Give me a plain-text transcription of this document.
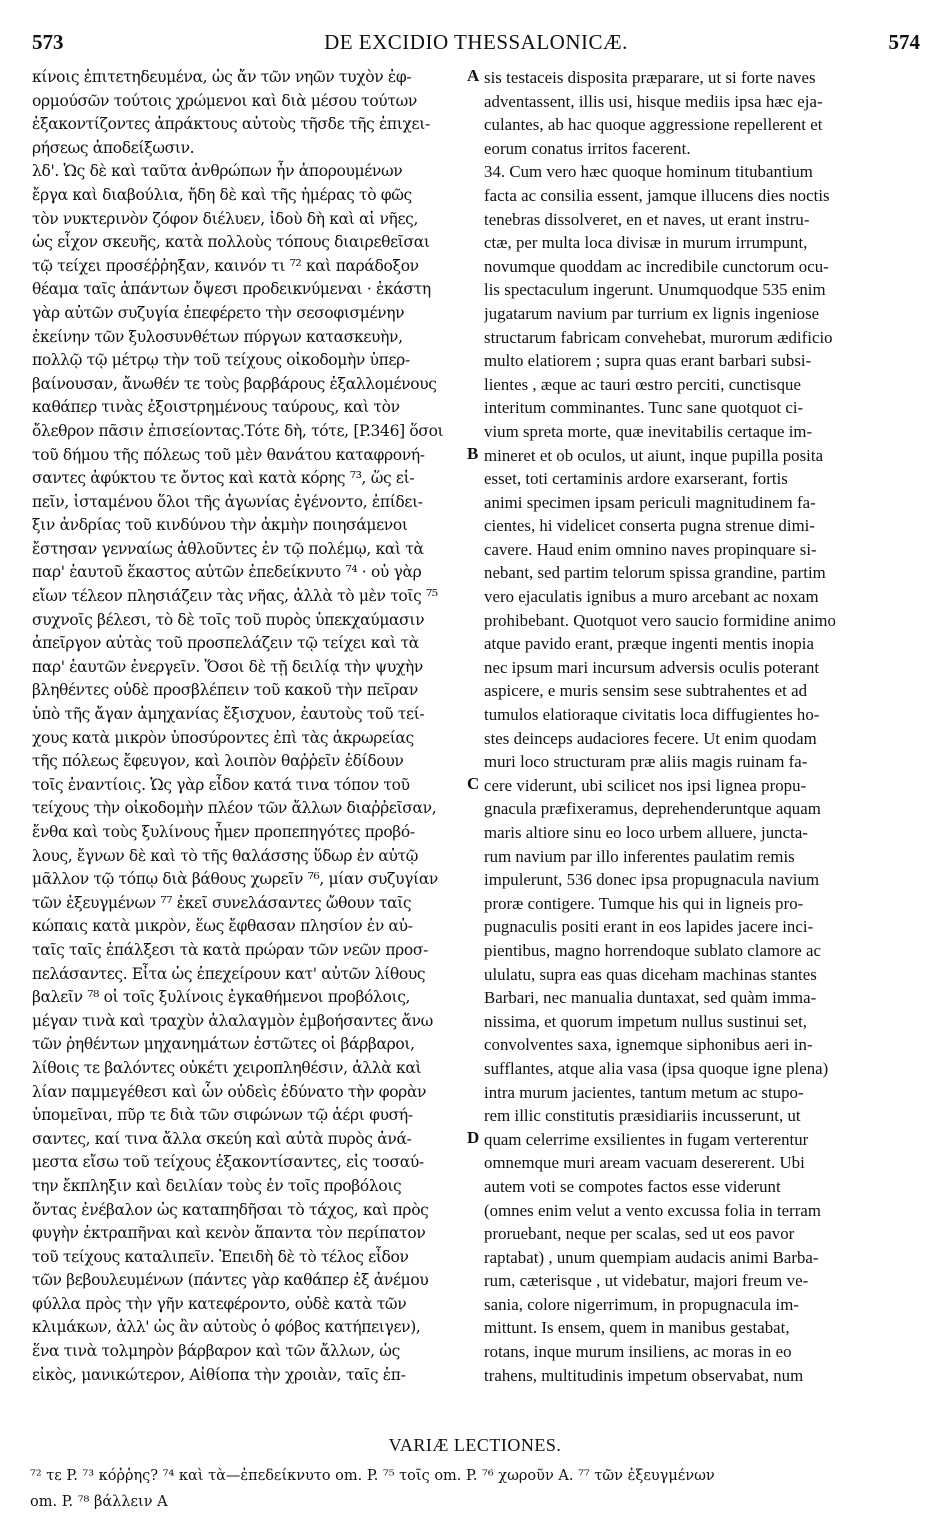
573	DE EXCIDIO THESSALONICÆ.	574
κίνοις ἐπιτετηδευμένα, ὡς ἄν τῶν νηῶν τυχὸν ἐφ-
ορμούσῶν τούτοις χρώμενοι καὶ διὰ μέσου τούτων
ἐξακοντίζοντες ἀπράκτους αὐτοὺς τῆσδε τῆς ἐπιχει-
ρήσεως ἀποδείξωσιν.
λδ'. Ὡς δὲ καὶ ταῦτα ἀνθρώπων ἦν ἀπορουμένων
ἔργα καὶ διαβούλια, ἤδη δὲ καὶ τῆς ἡμέρας τὸ φῶς
τὸν νυκτερινὸν ζόφον διέλυεν, ἰδοὺ δὴ καὶ αἱ νῆες,
ὡς εἶχον σκευῆς, κατὰ πολλοὺς τόπους διαιρεθεῖσαι
τῷ τείχει προσέῤῥηξαν, καινόν τι ⁷² καὶ παράδοξον
θέαμα ταῖς ἁπάντων ὄψεσι προδεικνύμεναι · ἑκάστη
γὰρ αὐτῶν συζυγία ἐπεφέρετο τὴν σεσοφισμένην
ἐκείνην τῶν ξυλοσυνθέτων πύργων κατασκευὴν,
πολλῷ τῷ μέτρῳ τὴν τοῦ τείχους οἰκοδομὴν ὑπερ-
βαίνουσαν, ἄνωθέν τε τοὺς βαρβάρους ἐξαλλομένους
καθάπερ τινὰς ἐξοιστρημένους ταύρους, καὶ τὸν
ὄλεθρον πᾶσιν ἐπισείοντας.Τότε δὴ, τότε, [P.346] ὅσοι
τοῦ δήμου τῆς πόλεως τοῦ μὲν θανάτου καταφρονή-
σαντες ἀφύκτου τε ὄντος καὶ κατὰ κόρης ⁷³, ὥς εἰ-
πεῖν, ἱσταμένου ὅλοι τῆς ἀγωνίας ἐγένοντο, ἐπίδει-
ξιν ἀνδρίας τοῦ κινδύνου τὴν ἀκμὴν ποιησάμενοι
ἔστησαν γενναίως ἀθλοῦντες ἐν τῷ πολέμῳ, καὶ τὰ
παρ' ἑαυτοῦ ἕκαστος αὐτῶν ἐπεδείκνυτο ⁷⁴ · οὐ γὰρ
εἴων τέλεον πλησιάζειν τὰς νῆας, ἀλλὰ τὸ μὲν τοῖς ⁷⁵
συχνοῖς βέλεσι, τὸ δὲ τοῖς τοῦ πυρὸς ὑπεκχαύμασιν
ἀπεῖργον αὐτὰς τοῦ προσπελάζειν τῷ τείχει καὶ τὰ
παρ' ἑαυτῶν ἐνεργεῖν. Ὅσοι δὲ τῇ δειλίᾳ τὴν ψυχὴν
βληθέντες οὐδὲ προσβλέπειν τοῦ κακοῦ τὴν πεῖραν
ὑπὸ τῆς ἄγαν ἀμηχανίας ἔξισχυον, ἑαυτοὺς τοῦ τεί-
χους κατὰ μικρὸν ὑποσύροντες ἐπὶ τὰς ἀκρωρείας
τῆς πόλεως ἔφευγον, καὶ λοιπὸν θαῤῥεῖν ἐδίδουν
τοῖς ἐναντίοις. Ὡς γὰρ εἶδον κατά τινα τόπον τοῦ
τείχους τὴν οἰκοδομὴν πλέον τῶν ἄλλων διαῤῥεῖσαν,
ἔνθα καὶ τοὺς ξυλίνους ἦμεν προπεπηγότες προβό-
λους, ἔγνων δὲ καὶ τὸ τῆς θαλάσσης ὕδωρ ἐν αὐτῷ
μᾶλλον τῷ τόπῳ διὰ βάθους χωρεῖν ⁷⁶, μίαν συζυγίαν
τῶν ἐξευγμένων ⁷⁷ ἐκεῖ συνελάσαντες ὤθουν ταῖς
κώπαις κατὰ μικρὸν, ἕως ἔφθασαν πλησίον ἐν αὐ-
ταῖς ταῖς ἐπάλξεσι τὰ κατὰ πρώραν τῶν νεῶν προσ-
πελάσαντες. Εἶτα ὡς ἐπεχείρουν κατ' αὐτῶν λίθους
βαλεῖν ⁷⁸ οἱ τοῖς ξυλίνοις ἐγκαθήμενοι προβόλοις,
μέγαν τινὰ καὶ τραχὺν ἀλαλαγμὸν ἐμβοήσαντες ἄνω
τῶν ῥηθέντων μηχανημάτων ἑστῶτες οἱ βάρβαροι,
λίθοις τε βαλόντες οὐκέτι χειροπληθέσιν, ἀλλὰ καὶ
λίαν παμμεγέθεσι καὶ ὧν οὐδεὶς ἐδύνατο τὴν φορὰν
ὑπομεῖναι, πῦρ τε διὰ τῶν σιφώνων τῷ ἀέρι φυσή-
σαντες, καί τινα ἄλλα σκεύη καὶ αὐτὰ πυρὸς ἀνά-
μεστα εἴσω τοῦ τείχους ἐξακοντίσαντες, εἰς τοσαύ-
την ἔκπληξιν καὶ δειλίαν τοὺς ἐν τοῖς προβόλοις
ὄντας ἐνέβαλον ὡς καταπηδῆσαι τὸ τάχος, καὶ πρὸς
φυγὴν ἐκτραπῆναι καὶ κενὸν ἅπαντα τὸν περίπατον
τοῦ τείχους καταλιπεῖν. Ἐπειδὴ δὲ τὸ τέλος εἶδον
τῶν βεβουλευμένων (πάντες γὰρ καθάπερ ἐξ ἀνέμου
φύλλα πρὸς τὴν γῆν κατεφέροντο, οὐδὲ κατὰ τῶν
κλιμάκων, ἀλλ' ὡς ἂν αὐτοὺς ὁ φόβος κατήπειγεν),
ἕνα τινὰ τολμηρὸν βάρβαρον καὶ τῶν ἄλλων, ὡς
εἰκὸς, μανικώτερον, Αἰθίοπα τὴν χροιὰν, ταῖς ἐπ-
sis testaceis disposita præparare, ut si forte naves
adventassent, illis usi, hisque mediis ipsa hæc eja-
culantes, ab hac quoque aggressione repellerent et
eorum conatus irritos facerent.
34. Cum vero hæc quoque hominum titubantium
facta ac consilia essent, jamque illucens dies noctis
tenebras dissolveret, en et naves, ut erant instru-
ctæ, per multa loca divisæ in murum irrumpunt,
novumque quoddam ac incredibile cunctorum ocu-
lis spectaculum ingerunt. Unumquodque 535 enim
jugatarum navium par turrium ex lignis ingeniose
structarum fabricam convehebat, murorum ædificio
multo elatiorem ; supra quas erant barbari subsi-
lientes , æque ac tauri œstro perciti, cunctisque
interitum comminantes. Tunc sane quotquot ci-
vium spreta morte, quæ inevitabilis certaque im-
mineret et ob oculos, ut aiunt, inque pupilla posita
esset, toti certaminis ardore exarserant, fortis
animi specimen ipsam periculi magnitudinem fa-
cientes, hi videlicet conserta pugna strenue dimi-
cavere. Haud enim omnino naves propinquare si-
nebant, sed partim telorum spissa grandine, partim
vero ejaculatis ignibus a muro arcebant ac noxam
prohibebant. Quotquot vero saucio formidine animo
atque pavido erant, præque ingenti mentis inopia
nec ipsum mari incursum adversis oculis poterant
aspicere, e muris sensim sese subtrahentes et ad
tumulos elatioraque civitatis loca diffugientes ho-
stes deinceps audaciores fecere. Ut enim quodam
muri loco structuram præ aliis magis ruinam fa-
cere viderunt, ubi scilicet nos ipsi lignea propu-
gnacula præfixeramus, deprehenderuntque aquam
maris altiore sinu eo loco urbem alluere, juncta-
rum navium par illo inferentes paulatim remis
impulerunt, 536 donec ipsa propugnacula navium
proræ contigere. Tumque his qui in ligneis pro-
pugnaculis positi erant in eos lapides jacere inci-
pientibus, magno horrendoque sublato clamore ac
ululatu, supra eas quas diceham machinas stantes
Barbari, nec manualia duntaxat, sed quàm imma-
nissima, et quorum impetum nullus sustinui set,
convolventes saxa, ignemque siphonibus aeri in-
sufflantes, atque alia vasa (ipsa quoque igne plena)
intra murum jacientes, tantum metum ac stupo-
rem illic constitutis præsidiariis incusserunt, ut
quam celerrime exsilientes in fugam verterentur
omnemque muri aream vacuam desererent. Ubi
autem voti se compotes factos esse viderunt
(omnes enim velut a vento excussa folia in terram
proruebant, neque per scalas, sed ut eos pavor
raptabat) , unum quempiam audacis animi Barba-
rum, cæterisque , ut videbatur, majori freum ve-
sania, colore nigerrimum, in propugnacula im-
mittunt. Is ensem, quem in manibus gestabat,
rotans, inque murum insiliens, ac moras in eo
trahens, multitudinis impetum observabat, num
A
B
C
D
VARIÆ LECTIONES.
⁷² τε P. ⁷³ κόῤῥης? ⁷⁴ καὶ τὰ—ἐπεδείκνυτο om. P. ⁷⁵ τοῖς om. P. ⁷⁶ χωροῦν A. ⁷⁷ τῶν ἐξευγμένων
om. P. ⁷⁸ βάλλειν A
